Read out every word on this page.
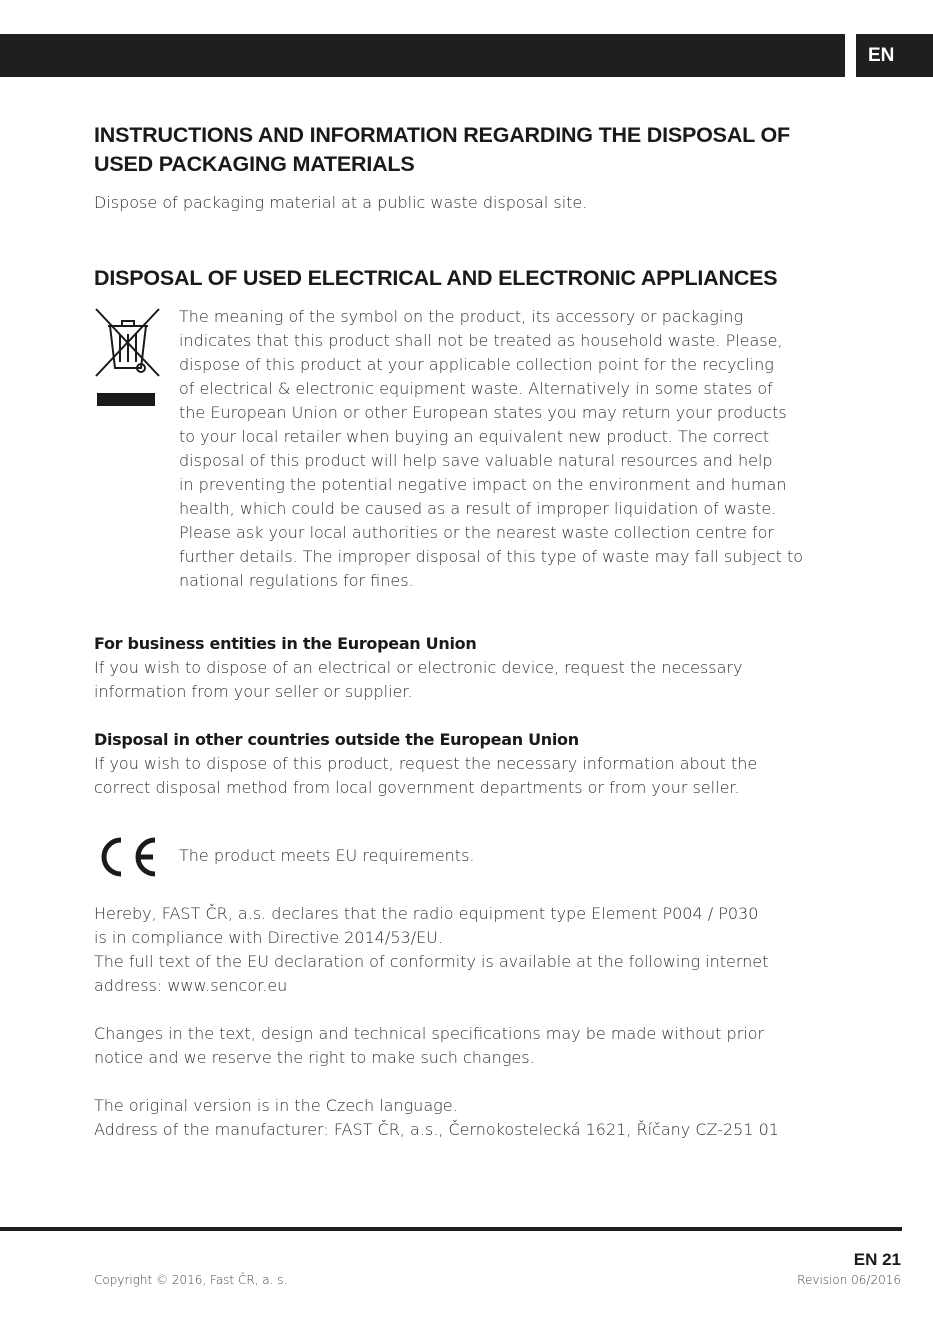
EN
INSTRUCTIONS AND INFORMATION REGARDING THE DISPOSAL OF
USED PACKAGING MATERIALS
Dispose of packaging material at a public waste disposal site.
DISPOSAL OF USED ELECTRICAL AND ELECTRONIC APPLIANCES
The meaning of the symbol on the product, its accessory or packaging
indicates that this product shall not be treated as household waste. Please,
dispose of this product at your applicable collection point for the recycling
of electrical & electronic equipment waste. Alternatively in some states of
the European Union or other European states you may return your products
to your local retailer when buying an equivalent new product. The correct
disposal of this product will help save valuable natural resources and help
in preventing the potential negative impact on the environment and human
health, which could be caused as a result of improper liquidation of waste.
Please ask your local authorities or the nearest waste collection centre for
further details. The improper disposal of this type of waste may fall subject to
national regulations for fines.
For business entities in the European Union
If you wish to dispose of an electrical or electronic device, request the necessary
information from your seller or supplier.
Disposal in other countries outside the European Union
If you wish to dispose of this product, request the necessary information about the
correct disposal method from local government departments or from your seller.
The product meets EU requirements.
Hereby, FAST ČR, a.s. declares that the radio equipment type Element P004 / P030
is in compliance with Directive 2014/53/EU.
The full text of the EU declaration of conformity is available at the following internet
address: www.sencor.eu
Changes in the text, design and technical specifications may be made without prior
notice and we reserve the right to make such changes.
The original version is in the Czech language.
Address of the manufacturer: FAST ČR, a.s., Černokostelecká 1621, Říčany CZ-251 01
EN 21
Copyright © 2016, Fast ČR, a. s.	Revision 06/2016
